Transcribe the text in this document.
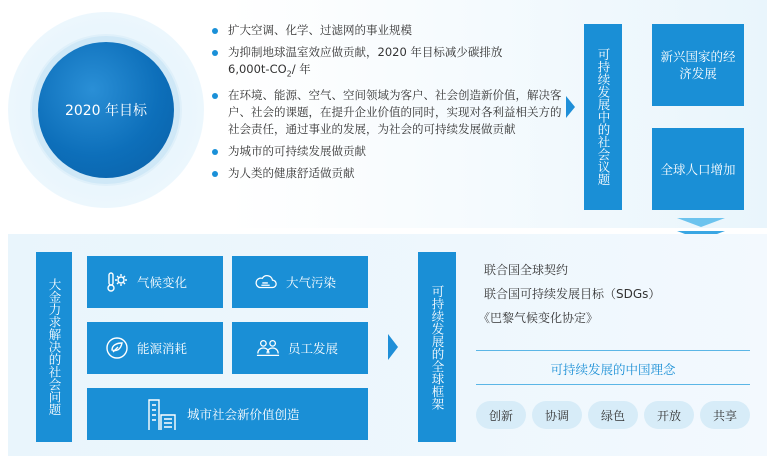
2020 年目标
扩大空调、化学、过滤网的事业规模
为抑制地球温室效应做贡献，2020 年目标减少碳排放
$6,000t-CO_2/$ 年
在环境、能源、空气、空间领域为客户、社会创造新价值，解决客户、社会的课题，在提升企业价值的同时，实现对各利益相关方的社会责任，通过事业的发展，为社会的可持续发展做贡献
为城市的可持续发展做贡献
为人类的健康舒适做贡献	可持续发展中的社会议题	新兴国家的经济发展
全球人口增加
大金力求解决的社会问题	气候变化	大气污染
能源消耗	员工发展
城市社会新价值创造
可持续发展的全球框架
联合国全球契约
联合国可持续发展目标（SDGs）
《巴黎气候变化协定》
可持续发展的中国理念
创新	协调	绿色	开放	共享
